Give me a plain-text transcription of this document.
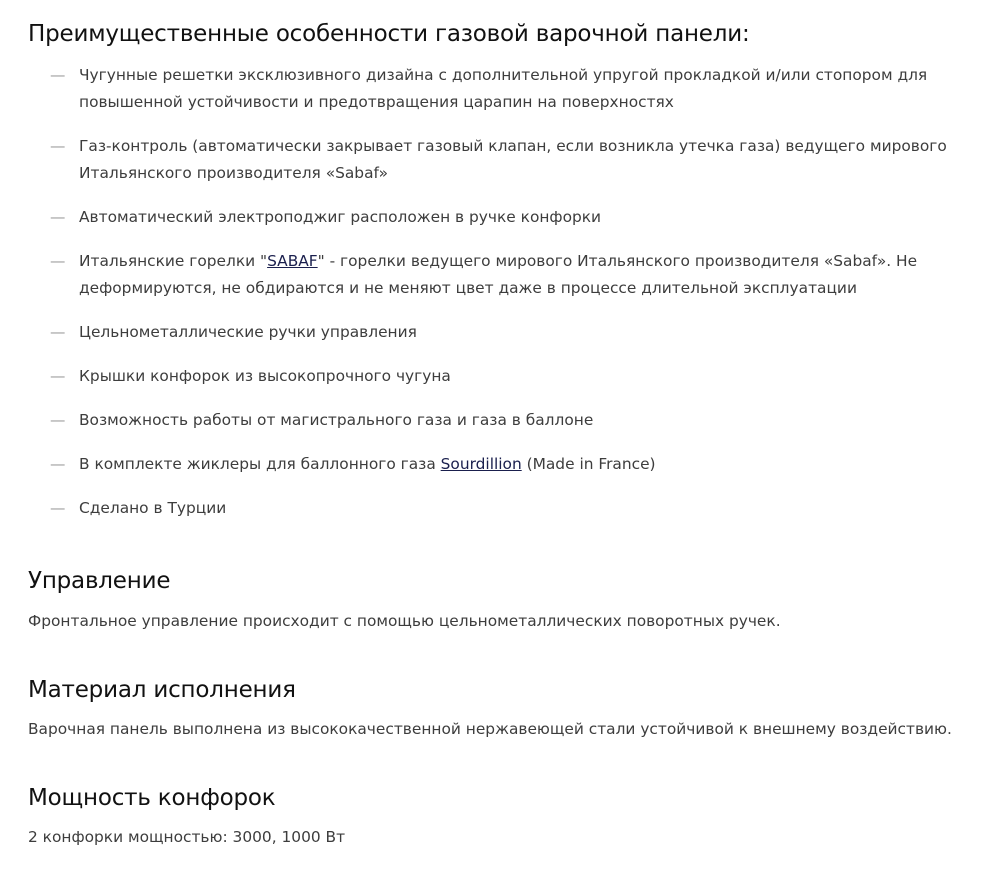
Преимущественные особенности газовой варочной панели:
— Чугунные решетки эксклюзивного дизайна с дополнительной упругой прокладкой и/или стопором для повышенной устойчивости и предотвращения царапин на поверхностях
— Газ-контроль (автоматически закрывает газовый клапан, если возникла утечка газа) ведущего мирового Итальянского производителя «Sabaf»
— Автоматический электроподжиг расположен в ручке конфорки
— Итальянские горелки "SABAF" - горелки ведущего мирового Итальянского производителя «Sabaf». Не деформируются, не обдираются и не меняют цвет даже в процессе длительной эксплуатации
— Цельнометаллические ручки управления
— Крышки конфорок из высокопрочного чугуна
— Возможность работы от магистрального газа и газа в баллоне
— В комплекте жиклеры для баллонного газа Sourdillion (Made in France)
— Сделано в Турции
Управление

Фронтальное управление происходит с помощью цельнометаллических поворотных ручек.

Материал исполнения

Варочная панель выполнена из высококачественной нержавеющей стали устойчивой к внешнему воздействию.

Мощность конфорок

2 конфорки мощностью: 3000, 1000 Вт
